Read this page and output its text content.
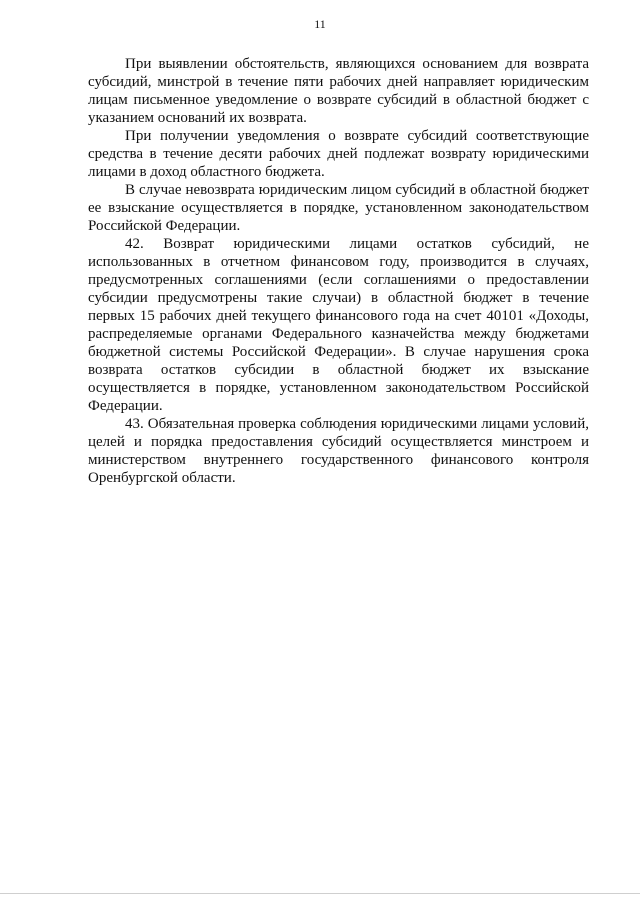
11

При выявлении обстоятельств, являющихся основанием для возврата субсидий, минстрой в течение пяти рабочих дней направляет юридическим лицам письменное уведомление о возврате субсидий в областной бюджет с указанием оснований их возврата.

При получении уведомления о возврате субсидий соответствующие средства в течение десяти рабочих дней подлежат возврату юридическими лицами в доход областного бюджета.

В случае невозврата юридическим лицом субсидий в областной бюджет ее взыскание осуществляется в порядке, установленном законодательством Российской Федерации.

42. Возврат юридическими лицами остатков субсидий, не использованных в отчетном финансовом году, производится в случаях, предусмотренных соглашениями (если соглашениями о предоставлении субсидии предусмотрены такие случаи) в областной бюджет в течение первых 15 рабочих дней текущего финансового года на счет 40101 «Доходы, распределяемые органами Федерального казначейства между бюджетами бюджетной системы Российской Федерации». В случае нарушения срока возврата остатков субсидии в областной бюджет их взыскание осуществляется в порядке, установленном законодательством Российской Федерации.

43. Обязательная проверка соблюдения юридическими лицами условий, целей и порядка предоставления субсидий осуществляется минстроем и министерством внутреннего государственного финансового контроля Оренбургской области.
